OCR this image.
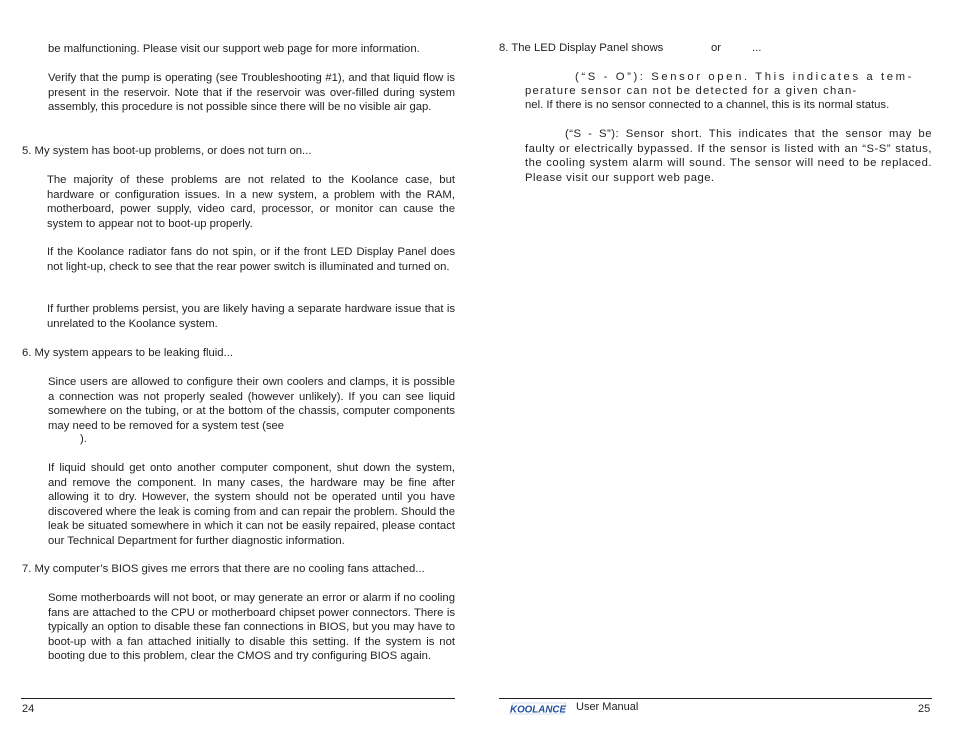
be malfunctioning. Please visit our support web page for more information.

Verify that the pump is operating (see Troubleshooting #1), and that liquid flow is present in the reservoir. Note that if the reservoir was over-filled during system assembly, this procedure is not possible since there will be no visible air gap.

5. My system has boot-up problems, or does not turn on...

The majority of these problems are not related to the Koolance case, but hardware or configuration issues. In a new system, a problem with the RAM, motherboard, power supply, video card, processor, or monitor can cause the system to appear not to boot-up properly.

If the Koolance radiator fans do not spin, or if the front LED Display Panel does not light-up, check to see that the rear power switch is illuminated and turned on.

If further problems persist, you are likely having a separate hardware issue that is unrelated to the Koolance system.

6. My system appears to be leaking fluid...

Since users are allowed to configure their own coolers and clamps, it is possible a connection was not properly sealed (however unlikely). If you can see liquid somewhere on the tubing, or at the bottom of the chassis, computer components may need to be removed for a system test (see

).

If liquid should get onto another computer component, shut down the system, and remove the component. In many cases, the hardware may be fine after allowing it to dry. However, the system should not be operated until you have discovered where the leak is coming from and can repair the problem. Should the leak be situated somewhere in which it can not be easily repaired, please contact our Technical Department for further diagnostic information.

7. My computer’s BIOS gives me errors that there are no cooling fans attached...

Some motherboards will not boot, or may generate an error or alarm if no cooling fans are attached to the CPU or motherboard chipset power connectors. There is typically an option to disable these fan connections in BIOS, but you may have to boot-up with a fan attached initially to disable this setting. If the system is not booting due to this problem, clear the CMOS and try configuring BIOS again.

24

8. The LED Display Panel shows	or	...

(“S - O”): Sensor open. This indicates a tem-

perature sensor can not be detected for a given chan-

nel. If there is no sensor connected to a channel, this is its normal status.

(“S - S”): Sensor short. This indicates that the sensor may be faulty or electrically bypassed. If the sensor is listed with an “S-S” status, the cooling system alarm will sound. The sensor will need to be replaced. Please visit our support web page.

KOOLANCE User Manual	25
